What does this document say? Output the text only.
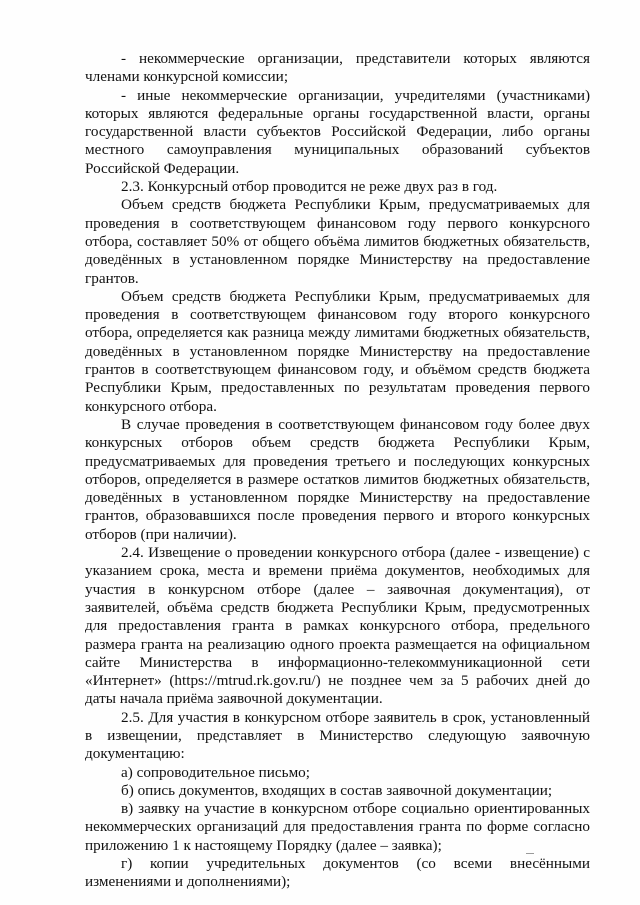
- некоммерческие организации, представители которых являются членами конкурсной комиссии;

- иные некоммерческие организации, учредителями (участниками) которых являются федеральные органы государственной власти, органы государственной власти субъектов Российской Федерации, либо органы местного самоуправления муниципальных образований субъектов Российской Федерации.

2.3. Конкурсный отбор проводится не реже двух раз в год.

Объем средств бюджета Республики Крым, предусматриваемых для проведения в соответствующем финансовом году первого конкурсного отбора, составляет 50% от общего объёма лимитов бюджетных обязательств, доведённых в установленном порядке Министерству на предоставление грантов.

Объем средств бюджета Республики Крым, предусматриваемых для проведения в соответствующем финансовом году второго конкурсного отбора, определяется как разница между лимитами бюджетных обязательств, доведённых в установленном порядке Министерству на предоставление грантов в соответствующем финансовом году, и объёмом средств бюджета Республики Крым, предоставленных по результатам проведения первого конкурсного отбора.

В случае проведения в соответствующем финансовом году более двух конкурсных отборов объем средств бюджета Республики Крым, предусматриваемых для проведения третьего и последующих конкурсных отборов, определяется в размере остатков лимитов бюджетных обязательств, доведённых в установленном порядке Министерству на предоставление грантов, образовавшихся после проведения первого и второго конкурсных отборов (при наличии).

2.4. Извещение о проведении конкурсного отбора (далее - извещение) с указанием срока, места и времени приёма документов, необходимых для участия в конкурсном отборе (далее – заявочная документация), от заявителей, объёма средств бюджета Республики Крым, предусмотренных для предоставления гранта в рамках конкурсного отбора, предельного размера гранта на реализацию одного проекта размещается на официальном сайте Министерства в информационно-телекоммуникационной сети «Интернет» (https://mtrud.rk.gov.ru/) не позднее чем за 5 рабочих дней до даты начала приёма заявочной документации.

2.5. Для участия в конкурсном отборе заявитель в срок, установленный в извещении, представляет в Министерство следующую заявочную документацию:

а) сопроводительное письмо;

б) опись документов, входящих в состав заявочной документации;

в) заявку на участие в конкурсном отборе социально ориентированных некоммерческих организаций для предоставления гранта по форме согласно приложению 1 к настоящему Порядку (далее – заявка);

г) копии учредительных документов (со всеми внесёнными изменениями и дополнениями);
